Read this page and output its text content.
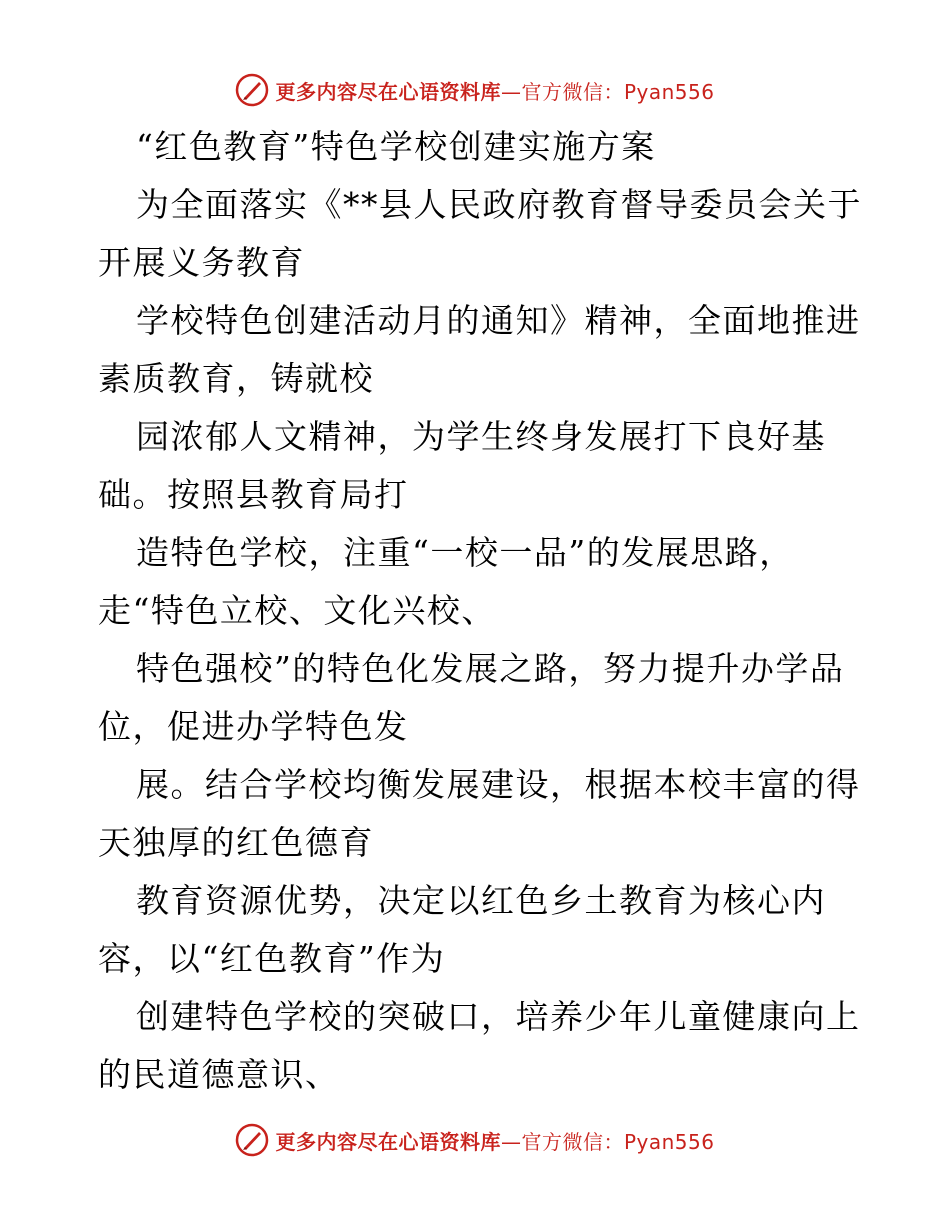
更多内容尽在心语资料库—官方微信：Pyan556
“红色教育”特色学校创建实施方案
为全面落实《**县人民政府教育督导委员会关于
开展义务教育
学校特色创建活动月的通知》精神，全面地推进
素质教育，铸就校
园浓郁人文精神，为学生终身发展打下良好基
础。按照县教育局打
造特色学校，注重“一校一品”的发展思路，
走“特色立校、文化兴校、
特色强校”的特色化发展之路，努力提升办学品
位，促进办学特色发
展。结合学校均衡发展建设，根据本校丰富的得
天独厚的红色德育
教育资源优势，决定以红色乡土教育为核心内
容，以“红色教育”作为
创建特色学校的突破口，培养少年儿童健康向上
的民道德意识、
更多内容尽在心语资料库—官方微信：Pyan556
